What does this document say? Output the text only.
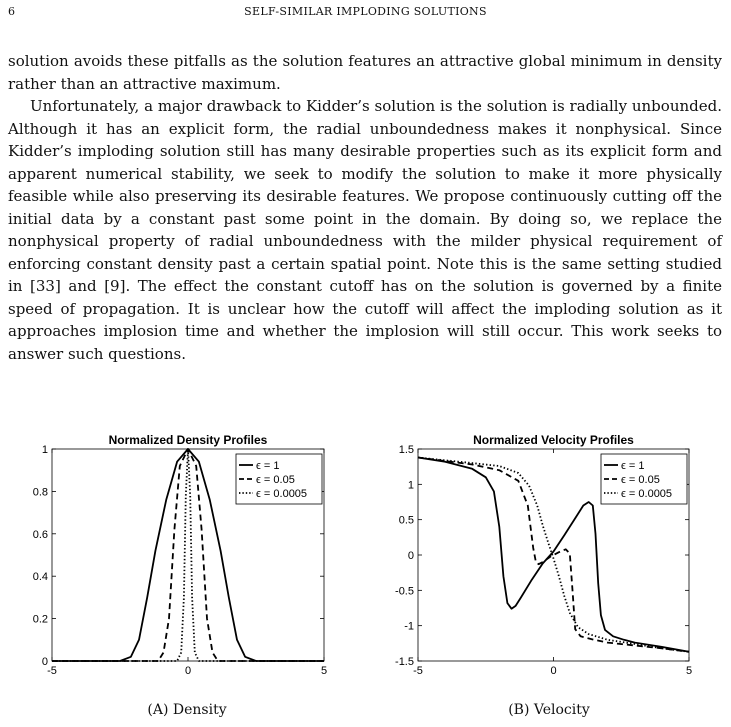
6	SELF-SIMILAR IMPLODING SOLUTIONS

solution avoids these pitfalls as the solution features an attractive global minimum in density rather than an attractive maximum.

Unfortunately, a major drawback to Kidder’s solution is the solution is radially unbounded. Although it has an explicit form, the radial unboundedness makes it nonphysical. Since Kidder’s imploding solution still has many desirable properties such as its explicit form and apparent numerical stability, we seek to modify the solution to make it more physically feasible while also preserving its desirable features. We propose continuously cutting off the initial data by a constant past some point in the domain. By doing so, we replace the nonphysical property of radial unboundedness with the milder physical requirement of enforcing constant density past a certain spatial point. Note this is the same setting studied in [33] and [9]. The effect the constant cutoff has on the solution is governed by a finite speed of propagation. It is unclear how the cutoff will affect the imploding solution as it approaches implosion time and whether the implosion will still occur. This work seeks to answer such questions.

Normalized Density Profiles
-5	0	5
0
0.2
0.4
0.6
0.8
1
ϵ = 1
ϵ = 0.05
ϵ = 0.0005
Normalized Velocity Profiles
-5	0	5
-1.5
-1
-0.5
0
0.5
1
1.5
ϵ = 1
ϵ = 0.05
ϵ = 0.0005
(A) Density	(B) Velocity
